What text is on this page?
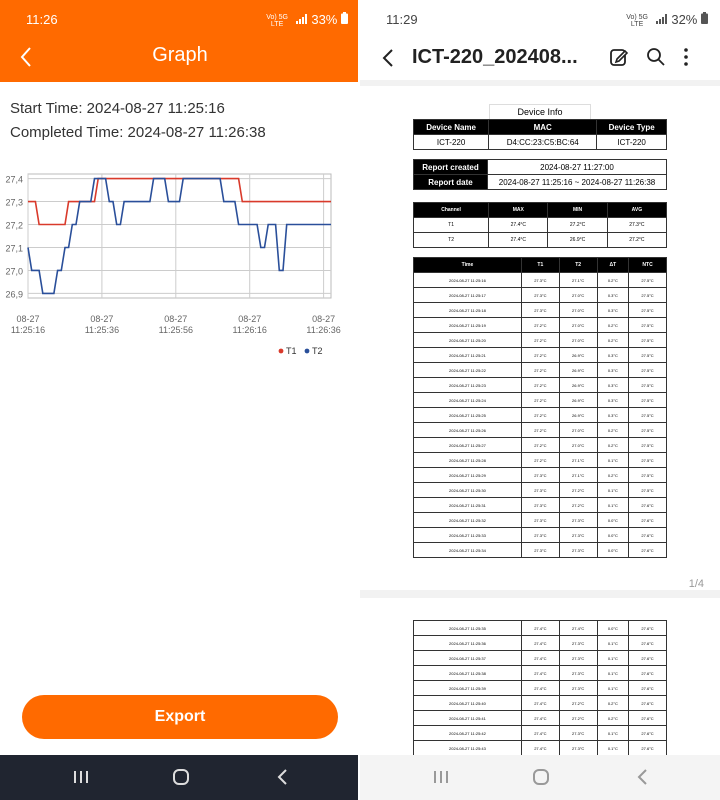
11:26	Vo) 5G LTE 33%
Graph
Start Time: 2024-08-27 11:25:16
Completed Time: 2024-08-27 11:26:38
27,4
27,3
27,2
27,1
27,0
26,9
08-27
11:25:16
08-27
11:25:36
08-27
11:25:56
08-27
11:26:16
08-27
11:26:36
T1 T2
Export
11:29	Vo) 5G LTE 32%
ICT-220_202408...
Device Info
Device Name	MAC	Device Type
ICT-220	D4:CC:23:C5:BC:64	ICT-220
Report created	2024-08-27 11:27:00
Report date	2024-08-27 11:25:16 ~ 2024-08-27 11:26:38
Channel	MAX	MIN	AVG
T1	27.4°C	27.2°C	27.3°C
T2	27.4°C	26.9°C	27.2°C
Time	T1	T2	ΔT	NTC
2024-08-27 11:25:16	27.3°C	27.1°C	0.2°C	27.5°C
2024-08-27 11:25:17	27.3°C	27.0°C	0.3°C	27.5°C
2024-08-27 11:25:18	27.3°C	27.0°C	0.3°C	27.5°C
2024-08-27 11:25:19	27.2°C	27.0°C	0.2°C	27.5°C
2024-08-27 11:25:20	27.2°C	27.0°C	0.2°C	27.5°C
2024-08-27 11:25:21	27.2°C	26.9°C	0.3°C	27.5°C
2024-08-27 11:25:22	27.2°C	26.9°C	0.3°C	27.5°C
2024-08-27 11:25:23	27.2°C	26.9°C	0.3°C	27.5°C
2024-08-27 11:25:24	27.2°C	26.9°C	0.3°C	27.5°C
2024-08-27 11:25:25	27.2°C	26.9°C	0.3°C	27.5°C
2024-08-27 11:25:26	27.2°C	27.0°C	0.2°C	27.5°C
2024-08-27 11:25:27	27.2°C	27.0°C	0.2°C	27.5°C
2024-08-27 11:25:28	27.2°C	27.1°C	0.1°C	27.5°C
2024-08-27 11:25:29	27.3°C	27.1°C	0.2°C	27.5°C
2024-08-27 11:25:30	27.3°C	27.2°C	0.1°C	27.5°C
2024-08-27 11:25:31	27.3°C	27.2°C	0.1°C	27.6°C
2024-08-27 11:25:32	27.3°C	27.3°C	0.0°C	27.6°C
2024-08-27 11:25:33	27.3°C	27.3°C	0.0°C	27.6°C
2024-08-27 11:25:34	27.3°C	27.3°C	0.0°C	27.6°C
1/4
2024-08-27 11:25:35	27.4°C	27.4°C	0.0°C	27.6°C
2024-08-27 11:25:36	27.4°C	27.3°C	0.1°C	27.6°C
2024-08-27 11:25:37	27.4°C	27.3°C	0.1°C	27.6°C
2024-08-27 11:25:38	27.4°C	27.3°C	0.1°C	27.6°C
2024-08-27 11:25:39	27.4°C	27.3°C	0.1°C	27.6°C
2024-08-27 11:25:40	27.4°C	27.2°C	0.2°C	27.6°C
2024-08-27 11:25:41	27.4°C	27.2°C	0.2°C	27.6°C
2024-08-27 11:25:42	27.4°C	27.3°C	0.1°C	27.6°C
2024-08-27 11:25:43	27.4°C	27.3°C	0.1°C	27.6°C
